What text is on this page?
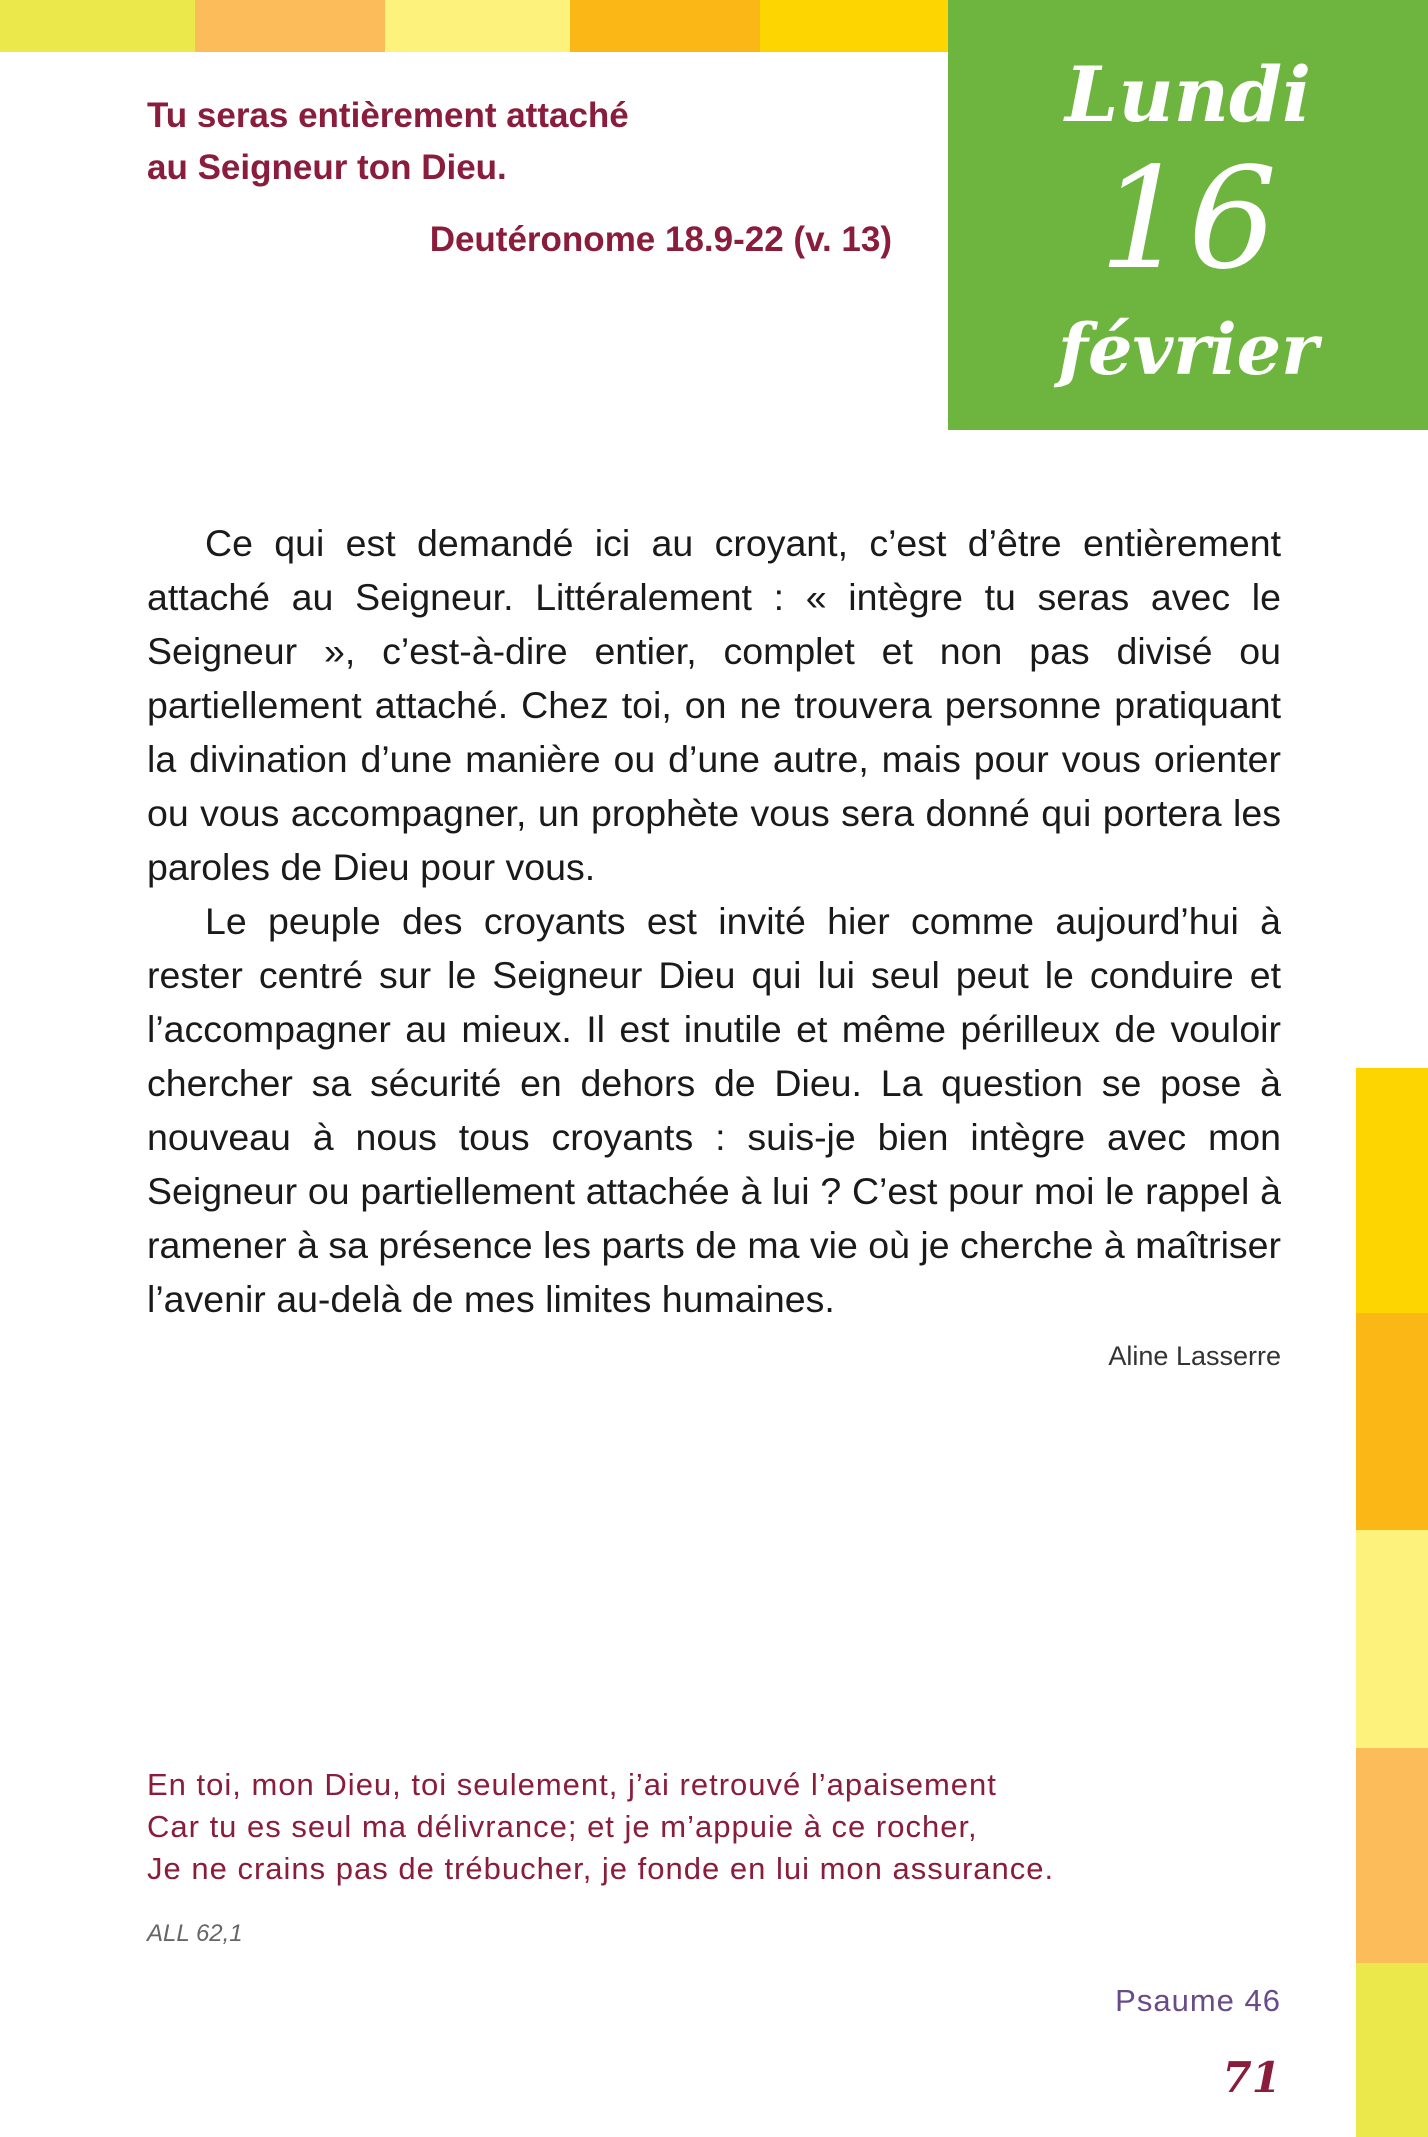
Lundi
16
février
Tu seras entièrement attaché
au Seigneur ton Dieu.
Deutéronome 18.9-22 (v. 13)

Ce qui est demandé ici au croyant, c’est d’être entièrement attaché au Seigneur. Littéralement : « intègre tu seras avec le Seigneur », c’est-à-dire entier, complet et non pas divisé ou partiellement attaché. Chez toi, on ne trouvera personne pratiquant la divination d’une manière ou d’une autre, mais pour vous orienter ou vous accompagner, un prophète vous sera donné qui portera les paroles de Dieu pour vous.

Le peuple des croyants est invité hier comme aujourd’hui à rester centré sur le Seigneur Dieu qui lui seul peut le conduire et l’accompagner au mieux. Il est inutile et même périlleux de vouloir chercher sa sécurité en dehors de Dieu. La question se pose à nouveau à nous tous croyants : suis-je bien intègre avec mon Seigneur ou partiellement attachée à lui ? C’est pour moi le rappel à ramener à sa présence les parts de ma vie où je cherche à maîtriser l’avenir au-delà de mes limites humaines.

Aline Lasserre
En toi, mon Dieu, toi seulement, j’ai retrouvé l’apaisement
Car tu es seul ma délivrance; et je m’appuie à ce rocher,
Je ne crains pas de trébucher, je fonde en lui mon assurance.
ALL 62,1
Psaume 46
71
